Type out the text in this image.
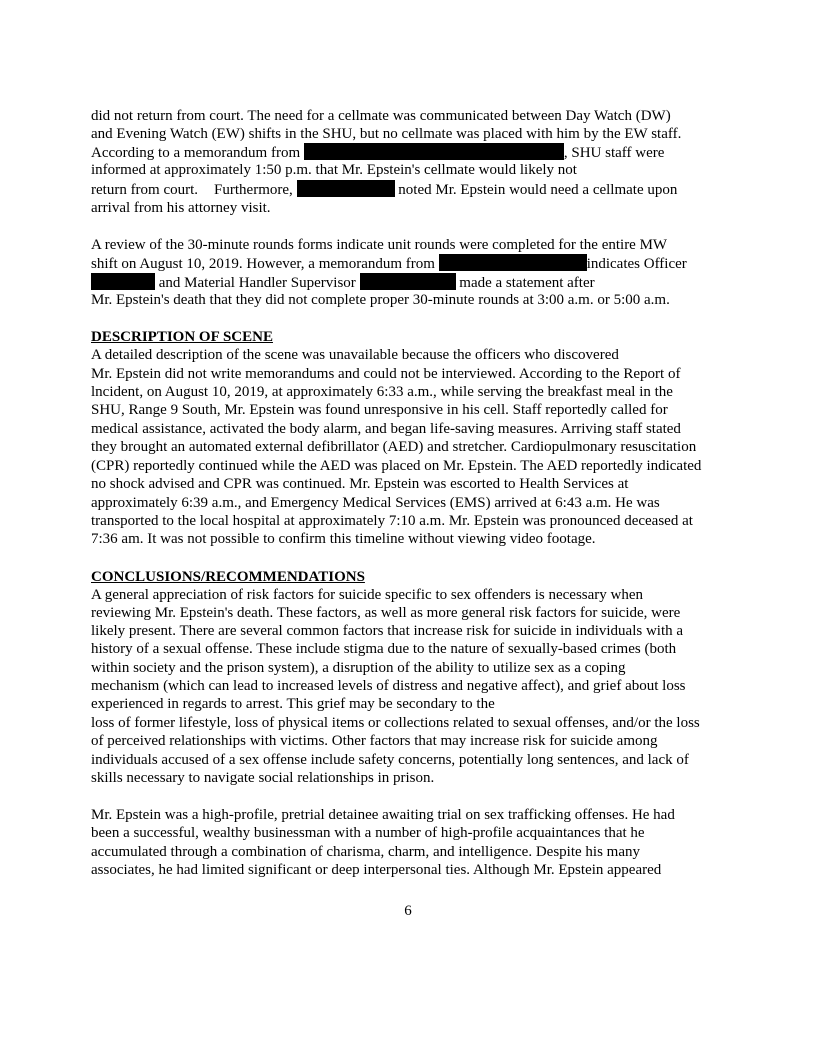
did not return from court. The need for a cellmate was communicated between Day Watch (DW)
and Evening Watch (EW) shifts in the SHU, but no cellmate was placed with him by the EW staff.
According to a memorandum from	, SHU staff were
informed at approximately 1:50 p.m. that Mr. Epstein's cellmate would likely not
return from court. Furthermore,	noted Mr. Epstein would need a cellmate upon
arrival from his attorney visit.
A review of the 30-minute rounds forms indicate unit rounds were completed for the entire MW
shift on August 10, 2019. However, a memorandum from	indicates Officer
and Material Handler Supervisor	made a statement after
Mr. Epstein's death that they did not complete proper 30-minute rounds at 3:00 a.m. or 5:00 a.m.
DESCRIPTION OF SCENE
A detailed description of the scene was unavailable because the officers who discovered
Mr. Epstein did not write memorandums and could not be interviewed. According to the Report of
lncident, on August 10, 2019, at approximately 6:33 a.m., while serving the breakfast meal in the
SHU, Range 9 South, Mr. Epstein was found unresponsive in his cell. Staff reportedly called for
medical assistance, activated the body alarm, and began life-saving measures. Arriving staff stated
they brought an automated external defibrillator (AED) and stretcher. Cardiopulmonary resuscitation
(CPR) reportedly continued while the AED was placed on Mr. Epstein. The AED reportedly indicated
no shock advised and CPR was continued. Mr. Epstein was escorted to Health Services at
approximately 6:39 a.m., and Emergency Medical Services (EMS) arrived at 6:43 a.m. He was
transported to the local hospital at approximately 7:10 a.m. Mr. Epstein was pronounced deceased at
7:36 am. It was not possible to confirm this timeline without viewing video footage.
CONCLUSIONS/RECOMMENDATIONS
A general appreciation of risk factors for suicide specific to sex offenders is necessary when
reviewing Mr. Epstein's death. These factors, as well as more general risk factors for suicide, were
likely present. There are several common factors that increase risk for suicide in individuals with a
history of a sexual offense. These include stigma due to the nature of sexually-based crimes (both
within society and the prison system), a disruption of the ability to utilize sex as a coping
mechanism (which can lead to increased levels of distress and negative affect), and grief about loss
experienced in regards to arrest. This grief may be secondary to the
loss of former lifestyle, loss of physical items or collections related to sexual offenses, and/or the loss
of perceived relationships with victims. Other factors that may increase risk for suicide among
individuals accused of a sex offense include safety concerns, potentially long sentences, and lack of
skills necessary to navigate social relationships in prison.
Mr. Epstein was a high-profile, pretrial detainee awaiting trial on sex trafficking offenses. He had
been a successful, wealthy businessman with a number of high-profile acquaintances that he
accumulated through a combination of charisma, charm, and intelligence. Despite his many
associates, he had limited significant or deep interpersonal ties. Although Mr. Epstein appeared
6
